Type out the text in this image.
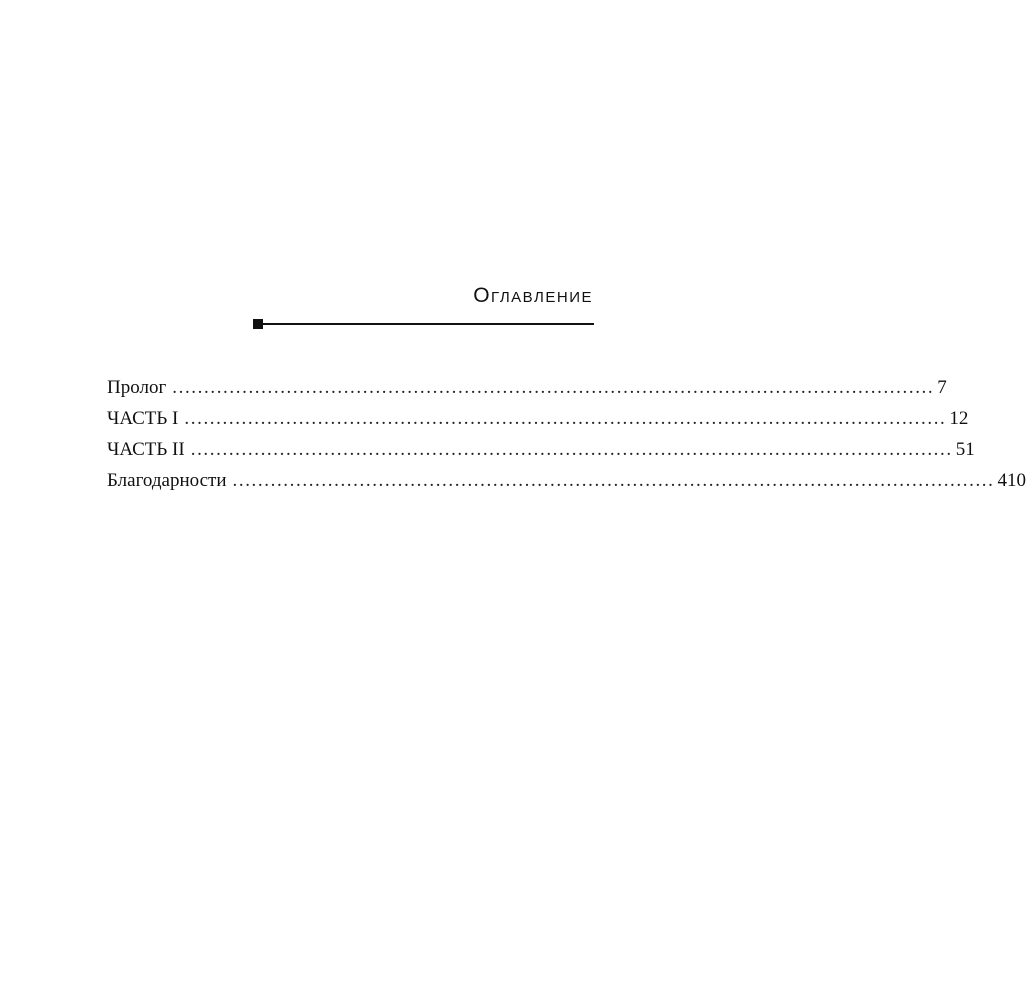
Оглавление
Пролог ........................................................................................................................ 7
ЧАСТЬ I ........................................................................................................................ 12
ЧАСТЬ II ........................................................................................................................ 51
Благодарности ........................................................................................................................ 410
